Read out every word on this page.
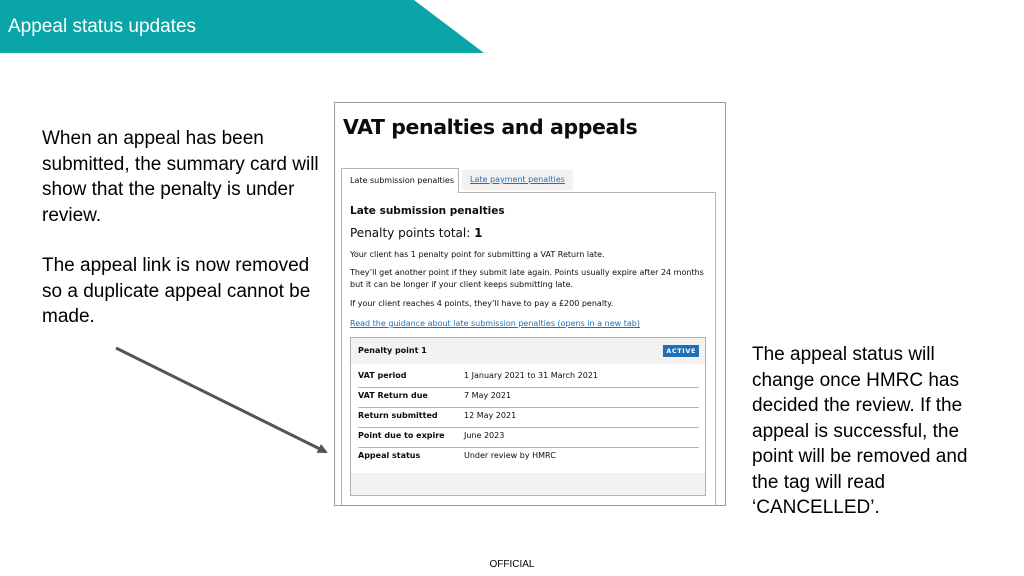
Appeal status updates

When an appeal has been submitted, the summary card will show that the penalty is under review.

The appeal link is now removed so a duplicate appeal cannot be made.

VAT penalties and appeals
Late submission penalties	Late payment penalties
Late submission penalties
Penalty points total: 1
Your client has 1 penalty point for submitting a VAT Return late.
They’ll get another point if they submit late again. Points usually expire after 24 months but it can be longer if your client keeps submitting late.
If your client reaches 4 points, they’ll have to pay a £200 penalty.
Read the guidance about late submission penalties (opens in a new tab)
Penalty point 1	ACTIVE
VAT period	1 January 2021 to 31 March 2021
VAT Return due	7 May 2021
Return submitted	12 May 2021
Point due to expire June 2023
Appeal status	Under review by HMRC
The appeal status will change once HMRC has decided the review. If the appeal is successful, the point will be removed and the tag will read ‘CANCELLED’.
OFFICIAL
